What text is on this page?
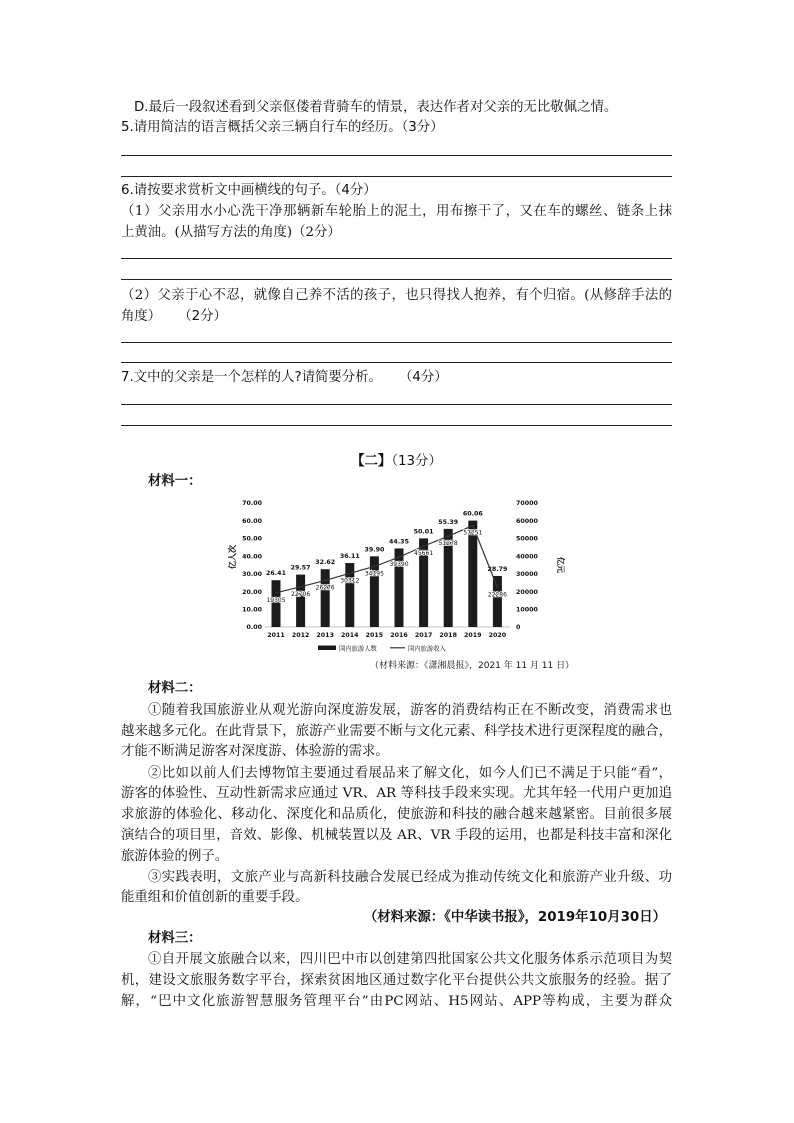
D.最后一段叙述看到父亲伛偻着背骑车的情景，表达作者对父亲的无比敬佩之情。
5.请用简洁的语言概括父亲三辆自行车的经历。（3分）
6.请按要求赏析文中画横线的句子。（4分）
（1）父亲用水小心洗干净那辆新车轮胎上的泥土，用布擦干了，又在车的螺丝、链条上抹
上黄油。(从描写方法的角度)（2分）
（2）父亲于心不忍，就像自己养不活的孩子，也只得找人抱养，有个归宿。(从修辞手法的
角度）    （2分）
7.文中的父亲是一个怎样的人?请简要分析。    （4分）
【二】（13分）
材料一：
0.00
10.00
20.00
30.00
40.00
50.00
60.00
70.00
0
10000
20000
30000
40000
50000
60000
70000
亿人次	亿元
26.41
29.57
32.62
36.11
39.90
44.35
50.01
55.39
60.06
28.79
19305
22706
26276
30312
34195
39390
45661
51278
57251
22286
2011 2012 2013 2014 2015 2016 2017 2018 2019 2020
国内旅游人数	国内旅游收入
（材料来源：《潇湘晨报》，2021 年 11 月 11 日）
材料二：
①随着我国旅游业从观光游向深度游发展，游客的消费结构正在不断改变，消费需求也
越来越多元化。在此背景下，旅游产业需要不断与文化元素、科学技术进行更深程度的融合，
才能不断满足游客对深度游、体验游的需求。
②比如以前人们去博物馆主要通过看展品来了解文化，如今人们已不满足于只能“看”，
游客的体验性、互动性新需求应通过 VR、AR 等科技手段来实现。尤其年轻一代用户更加追
求旅游的体验化、移动化、深度化和品质化，使旅游和科技的融合越来越紧密。目前很多展
演结合的项目里，音效、影像、机械装置以及 AR、VR 手段的运用，也都是科技丰富和深化
旅游体验的例子。
③实践表明，文旅产业与高新科技融合发展已经成为推动传统文化和旅游产业升级、功
能重组和价值创新的重要手段。
（材料来源：《中华读书报》，2019年10月30日）
材料三：
①自开展文旅融合以来，四川巴中市以创建第四批国家公共文化服务体系示范项目为契
机，建设文旅服务数字平台，探索贫困地区通过数字化平台提供公共文旅服务的经验。据了
解，“巴中文化旅游智慧服务管理平台”由PC网站、H5网站、APP等构成，主要为群众
